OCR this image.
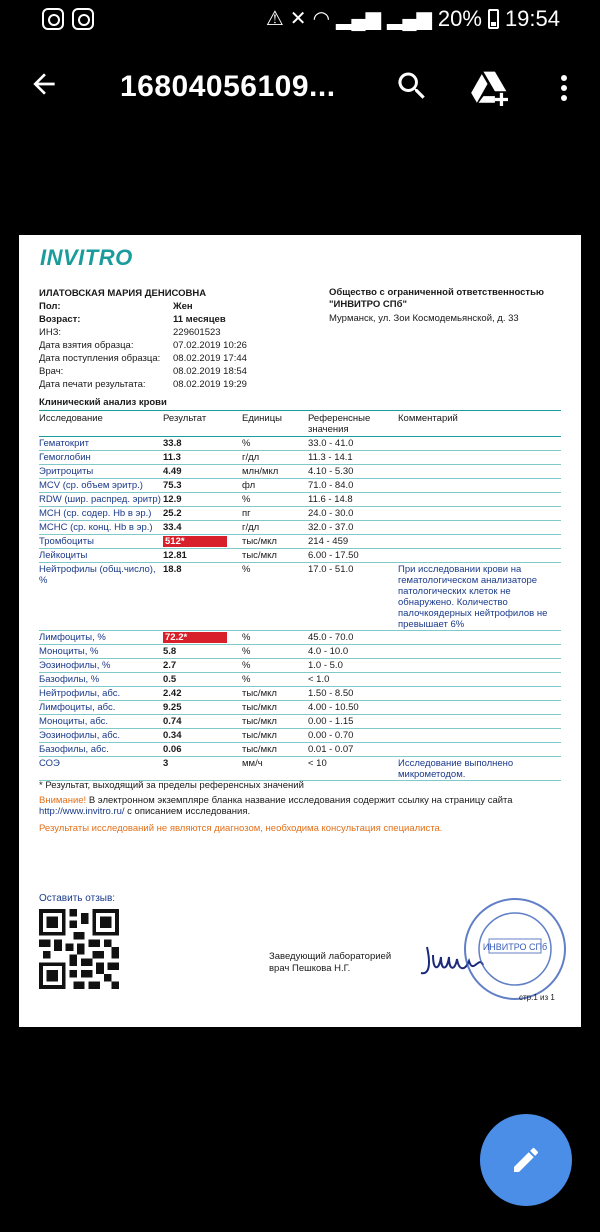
⚠ ✕ ◠ ▂▄▆ ▂▄▆ 20% 19:54
16804056109...
INVITRO
ИЛАТОВСКАЯ МАРИЯ ДЕНИСОВНА
Пол:	Жен
Возраст:	11 месяцев
ИНЗ:	229601523
Дата взятия образца:	07.02.2019 10:26
Дата поступления образца:	08.02.2019 17:44
Врач:	08.02.2019 18:54
Дата печати результата:	08.02.2019 19:29
Общество с ограниченной ответственностью
"ИНВИТРО СПб"
Мурманск, ул. Зои Космодемьянской, д. 33
Клинический анализ крови
Исследование	Результат	Единицы	Референсные значения	Комментарий
Гематокрит	33.8	%	33.0 - 41.0	
Гемоглобин	11.3	г/дл	11.3 - 14.1	
Эритроциты	4.49	млн/мкл	4.10 - 5.30	
MCV (ср. объем эритр.)	75.3	фл	71.0 - 84.0	
RDW (шир. распред. эритр)	12.9	%	11.6 - 14.8	
MCH (ср. содер. Hb в эр.)	25.2	пг	24.0 - 30.0	
MCHC (ср. конц. Hb в эр.)	33.4	г/дл	32.0 - 37.0	
Тромбоциты	512*	тыс/мкл	214 - 459	
Лейкоциты	12.81	тыс/мкл	6.00 - 17.50	
Нейтрофилы (общ.число), %	18.8	%	17.0 - 51.0	При исследовании крови на гематологическом анализаторе патологических клеток не обнаружено. Количество палочкоядерных нейтрофилов не превышает 6%
Лимфоциты, %	72.2*	%	45.0 - 70.0	
Моноциты, %	5.8	%	4.0 - 10.0	
Эозинофилы, %	2.7	%	1.0 - 5.0	
Базофилы, %	0.5	%	< 1.0	
Нейтрофилы, абс.	2.42	тыс/мкл	1.50 - 8.50	
Лимфоциты, абс.	9.25	тыс/мкл	4.00 - 10.50	
Моноциты, абс.	0.74	тыс/мкл	0.00 - 1.15	
Эозинофилы, абс.	0.34	тыс/мкл	0.00 - 0.70	
Базофилы, абс.	0.06	тыс/мкл	0.01 - 0.07	
СОЭ	3	мм/ч	< 10	Исследование выполнено микрометодом.
* Результат, выходящий за пределы референсных значений
Внимание! В электронном экземпляре бланка название исследования содержит ссылку на страницу сайта
http://www.invitro.ru/ с описанием исследования.
Результаты исследований не являются диагнозом, необходима консультация специалиста.
Оставить отзыв:
Заведующий лабораторией
врач Пешкова Н.Г.
ИНВИТРО СПб
стр.1 из 1
